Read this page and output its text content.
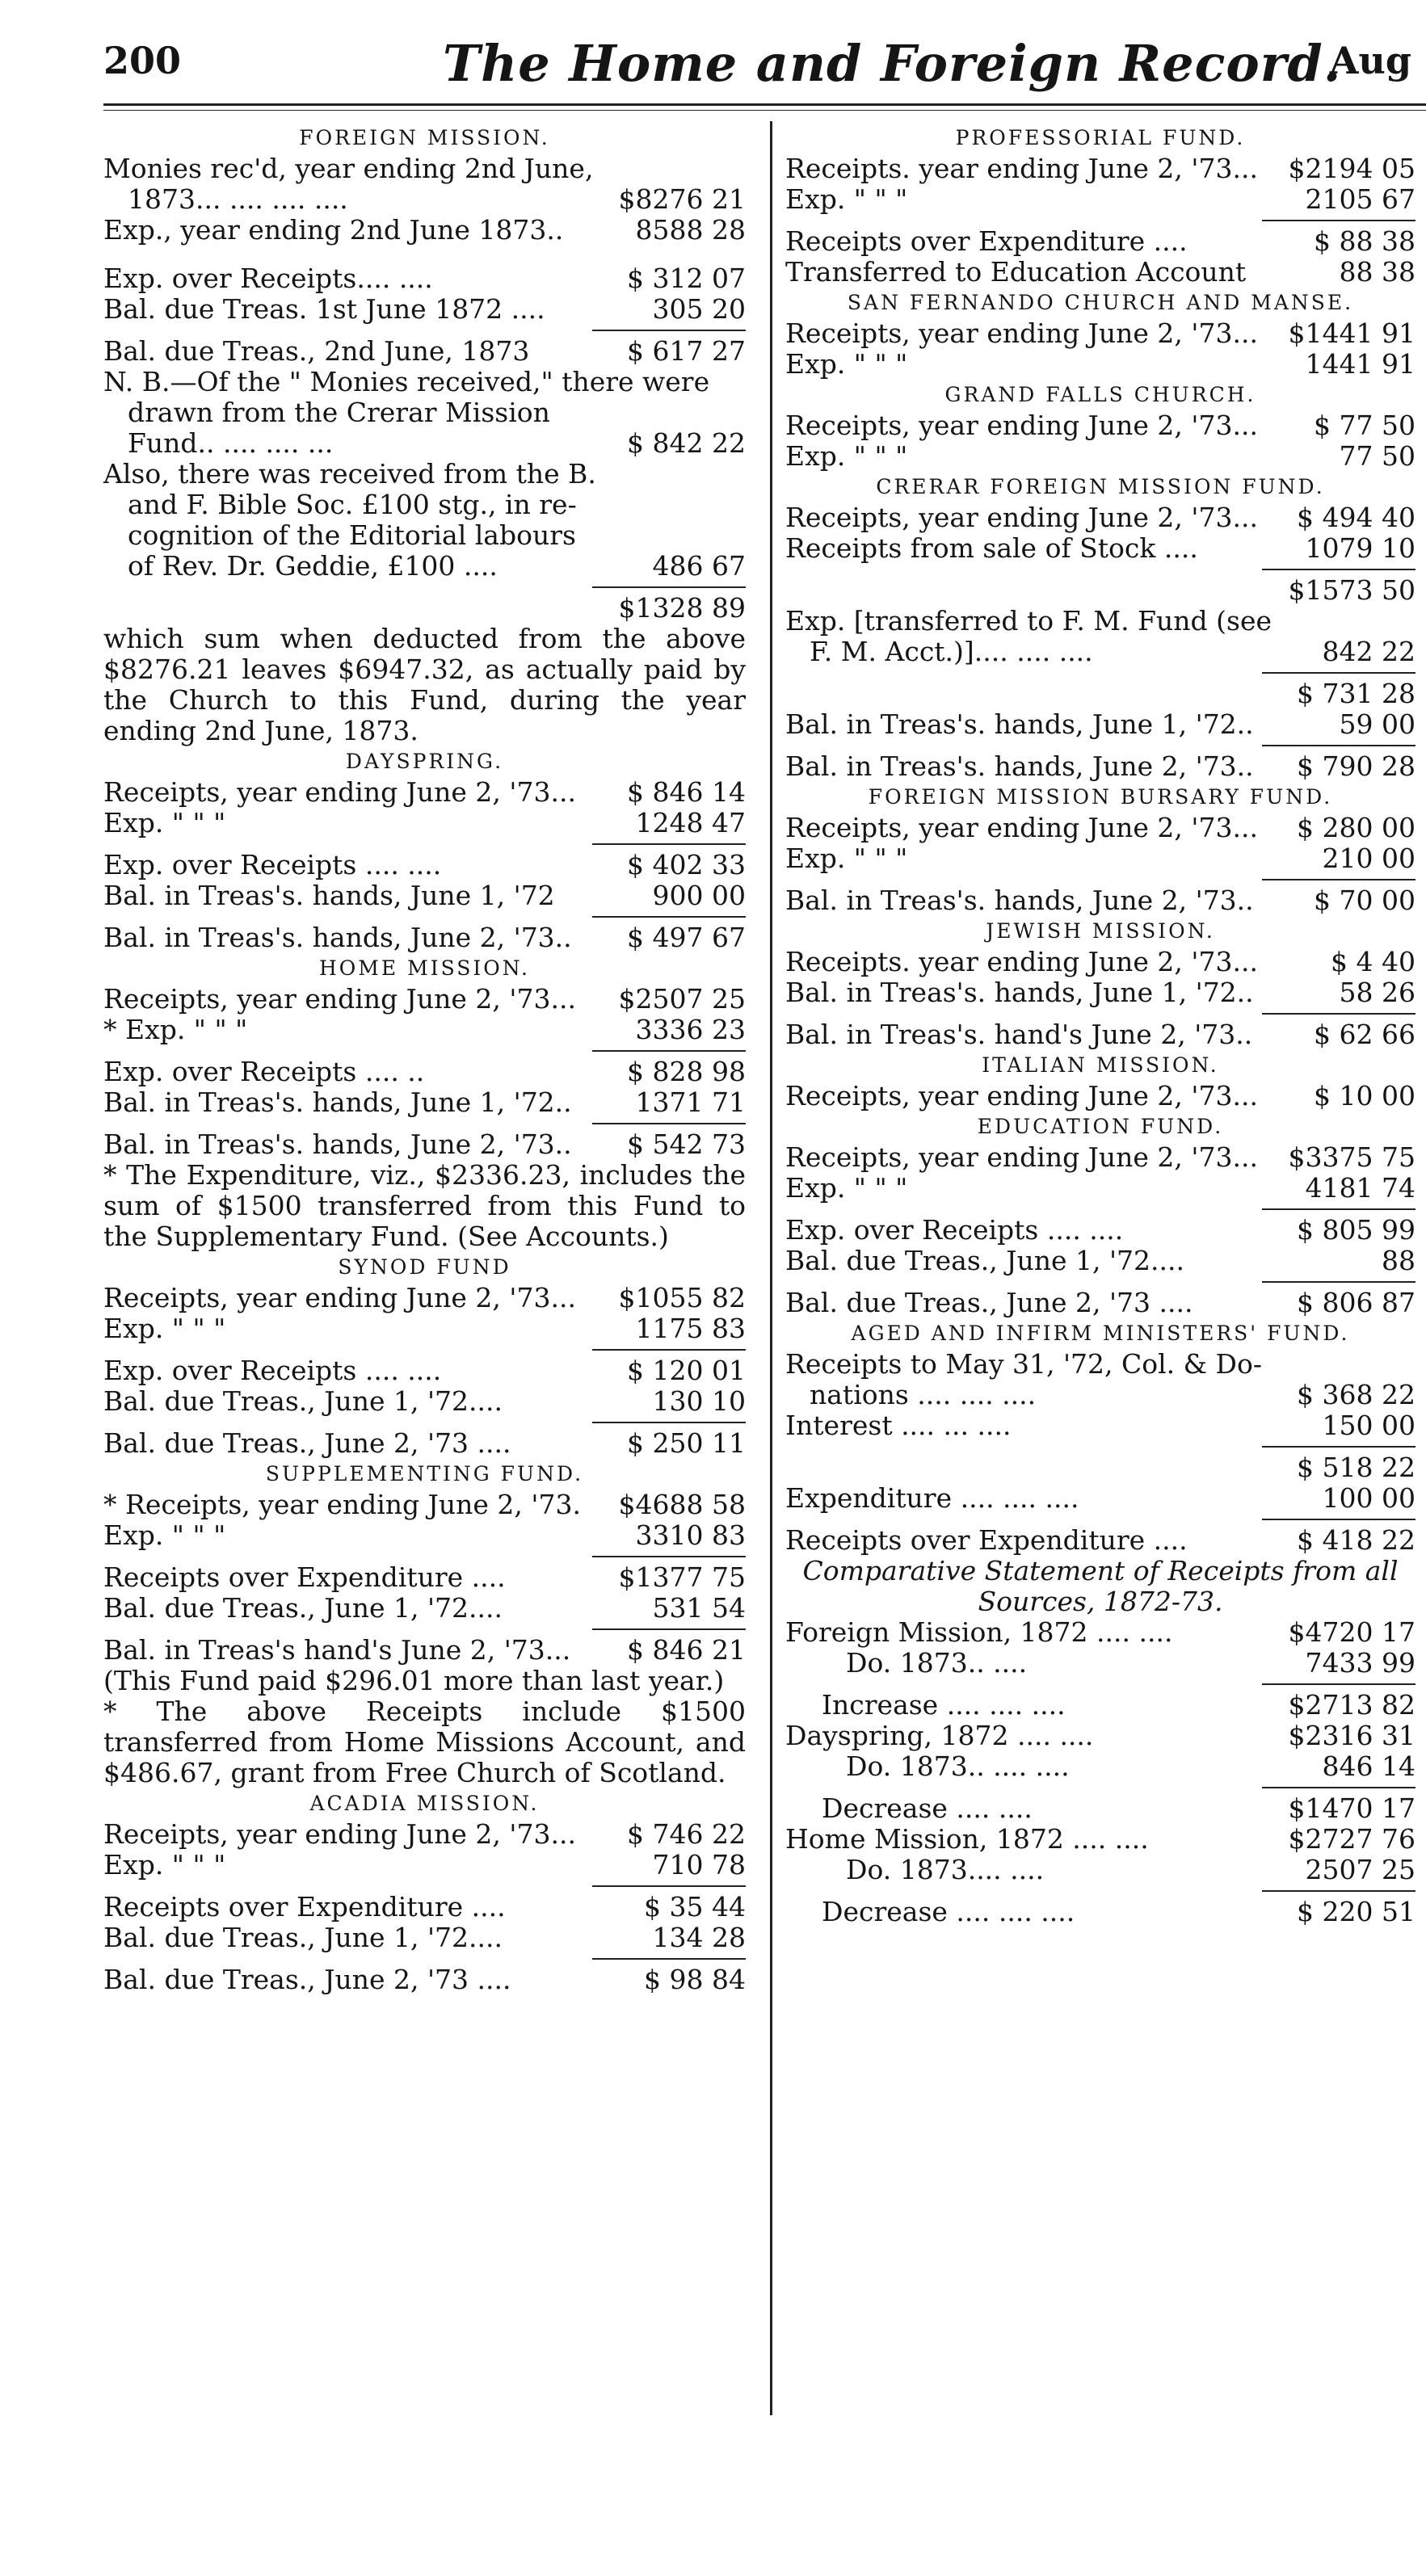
200	The Home and Foreign Record.
Aug
FOREIGN MISSION.
Monies rec'd, year ending 2nd June,
1873... .... .... ....	$8276 21
Exp., year ending 2nd June 1873..	8588 28
Exp. over Receipts.... ....	$ 312 07
Bal. due Treas. 1st June 1872 ....	305 20
Bal. due Treas., 2nd June, 1873	$ 617 27
N. B.—Of the " Monies received," there were
drawn from the Crerar Mission
Fund.. .... .... ...	$ 842 22
Also, there was received from the B.
and F. Bible Soc. £100 stg., in re-
cognition of the Editorial labours
of Rev. Dr. Geddie, £100 ....	486 67
$1328 89
which sum when deducted from the above $8276.21 leaves $6947.32, as actually paid by the Church to this Fund, during the year ending 2nd June, 1873.
DAYSPRING.
Receipts, year ending June 2, '73... $ 846 14
Exp. " " "	1248 47
Exp. over Receipts .... ....	$ 402 33
Bal. in Treas's. hands, June 1, '72	900 00
Bal. in Treas's. hands, June 2, '73.. $ 497 67
HOME MISSION.
Receipts, year ending June 2, '73... $2507 25
* Exp. " " "	3336 23
Exp. over Receipts .... ..	$ 828 98
Bal. in Treas's. hands, June 1, '72.. 1371 71
Bal. in Treas's. hands, June 2, '73.. $ 542 73
* The Expenditure, viz., $2336.23, includes the sum of $1500 transferred from this Fund to the Supplementary Fund. (See Accounts.)
SYNOD FUND
Receipts, year ending June 2, '73... $1055 82
Exp. " " "	1175 83
Exp. over Receipts .... ....	$ 120 01
Bal. due Treas., June 1, '72....	130 10
Bal. due Treas., June 2, '73 ....	$ 250 11
SUPPLEMENTING FUND.
* Receipts, year ending June 2, '73. $4688 58
Exp. " " "	3310 83
Receipts over Expenditure ....	$1377 75
Bal. due Treas., June 1, '72....	531 54
Bal. in Treas's hand's June 2, '73... $ 846 21
(This Fund paid $296.01 more than last year.)
* The above Receipts include $1500 transferred from Home Missions Account, and $486.67, grant from Free Church of Scotland.
ACADIA MISSION.
Receipts, year ending June 2, '73... $ 746 22
Exp. " " "	710 78
Receipts over Expenditure ....	$ 35 44
Bal. due Treas., June 1, '72....	134 28
Bal. due Treas., June 2, '73 ....	$ 98 84
PROFESSORIAL FUND.
Receipts. year ending June 2, '73... $2194 05
Exp. " " "	2105 67
Receipts over Expenditure ....	$ 88 38
Transferred to Education Account	88 38
SAN FERNANDO CHURCH AND MANSE.
Receipts, year ending June 2, '73... $1441 91
Exp. " " "	1441 91
GRAND FALLS CHURCH.
Receipts, year ending June 2, '73... $ 77 50
Exp. " " "	77 50
CRERAR FOREIGN MISSION FUND.
Receipts, year ending June 2, '73... $ 494 40
Receipts from sale of Stock ....	1079 10
$1573 50
Exp. [transferred to F. M. Fund (see
F. M. Acct.)].... .... ....	842 22
$ 731 28
Bal. in Treas's. hands, June 1, '72..	59 00
Bal. in Treas's. hands, June 2, '73.. $ 790 28
FOREIGN MISSION BURSARY FUND.
Receipts, year ending June 2, '73... $ 280 00
Exp. " " "	210 00
Bal. in Treas's. hands, June 2, '73.. $ 70 00
JEWISH MISSION.
Receipts. year ending June 2, '73...	$ 4 40
Bal. in Treas's. hands, June 1, '72..	58 26
Bal. in Treas's. hand's June 2, '73.. $ 62 66
ITALIAN MISSION.
Receipts, year ending June 2, '73... $ 10 00
EDUCATION FUND.
Receipts, year ending June 2, '73... $3375 75
Exp. " " "	4181 74
Exp. over Receipts .... ....	$ 805 99
Bal. due Treas., June 1, '72....	88
Bal. due Treas., June 2, '73 ....	$ 806 87
AGED AND INFIRM MINISTERS' FUND.
Receipts to May 31, '72, Col. & Do-
nations .... .... ....	$ 368 22
Interest .... ... ....	150 00
$ 518 22
Expenditure .... .... ....	100 00
Receipts over Expenditure ....	$ 418 22
Comparative Statement of Receipts from all
Sources, 1872-73.
Foreign Mission, 1872 .... ....	$4720 17
Do. 1873.. ....	7433 99
Increase .... .... ....	$2713 82
Dayspring, 1872 .... ....	$2316 31
Do. 1873.. .... ....	846 14
Decrease .... ....	$1470 17
Home Mission, 1872 .... ....	$2727 76
Do. 1873.... ....	2507 25
Decrease .... .... ....	$ 220 51
